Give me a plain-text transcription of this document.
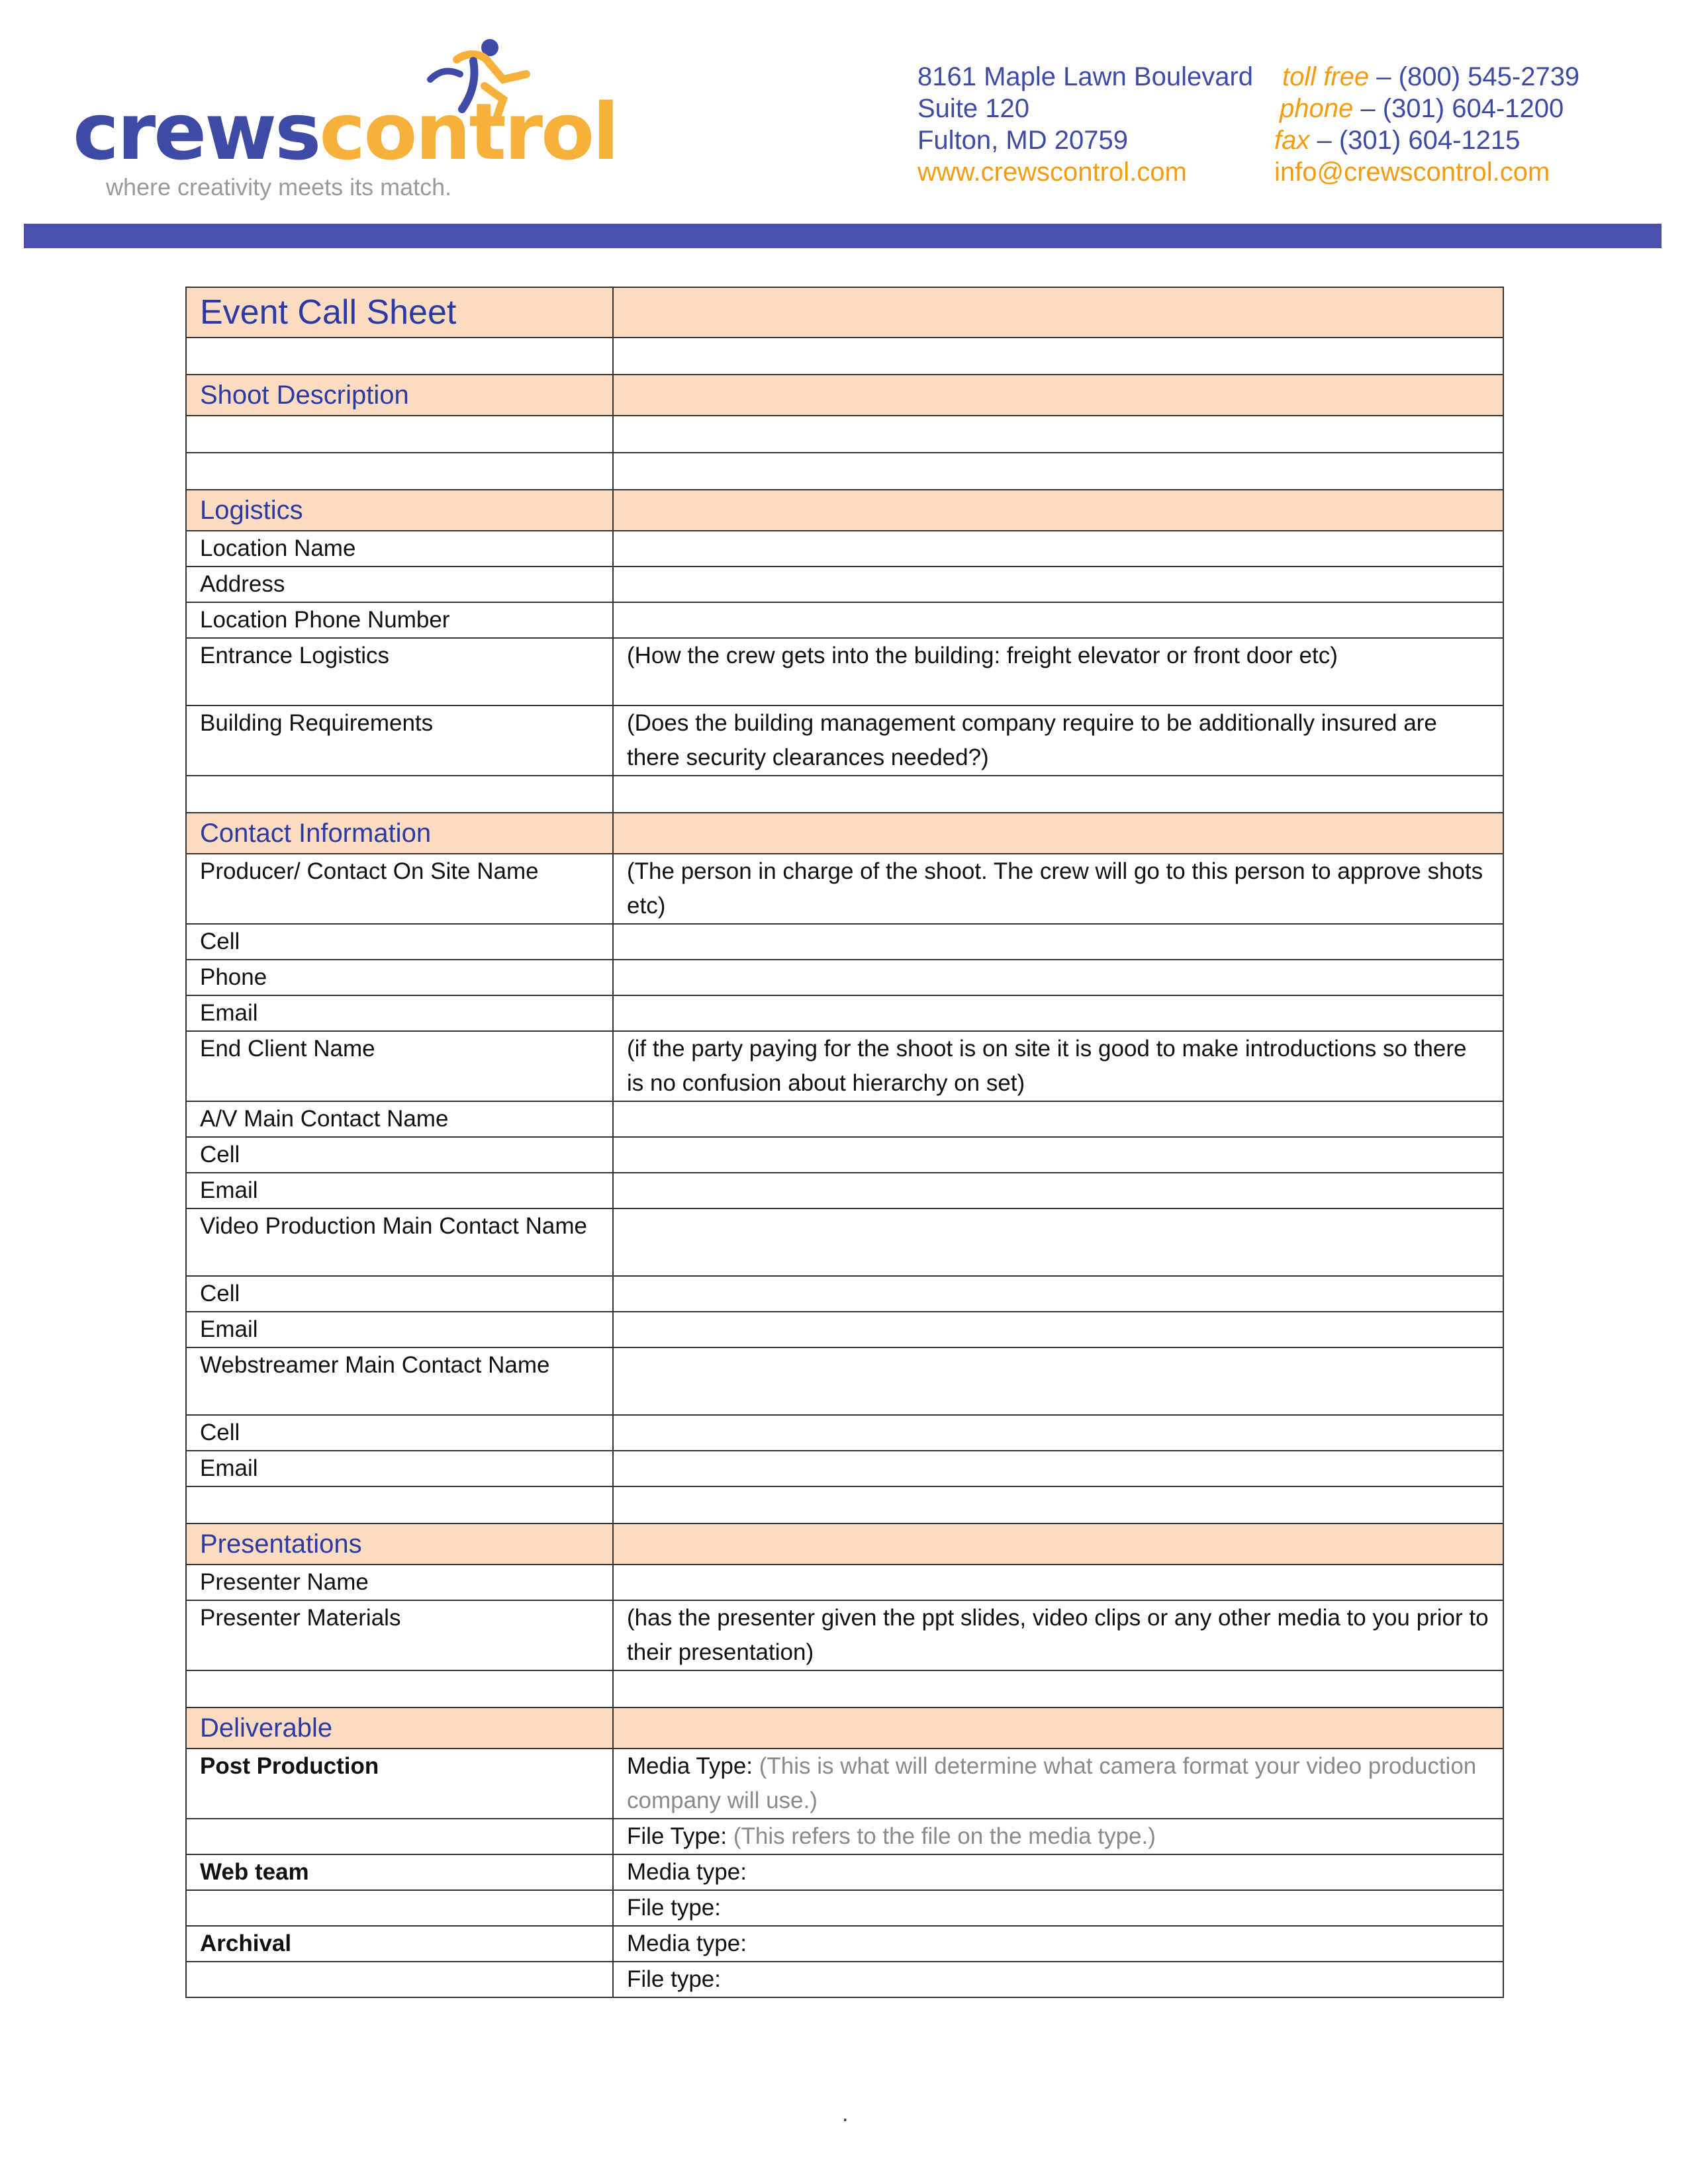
crewscontrol
where creativity meets its match.
8161 Maple Lawn Boulevard
Suite 120
Fulton, MD 20759
www.crewscontrol.com
toll free – (800) 545-2739
phone – (301) 604-1200
fax – (301) 604-1215
info@crewscontrol.com
Event Call Sheet	

Shoot Description	

Logistics	
Location Name	
Address	
Location Phone Number	
Entrance Logistics	(How the crew gets into the building: freight elevator or front door etc)
Building Requirements	(Does the building management company require to be additionally insured are there security clearances needed?)

Contact Information	
Producer/ Contact On Site Name	(The person in charge of the shoot. The crew will go to this person to approve shots etc)
Cell	
Phone	
Email	
End Client Name	(if the party paying for the shoot is on site it is good to make introductions so there is no confusion about hierarchy on set)
A/V Main Contact Name	
Cell	
Email	
Video Production Main Contact Name	
Cell	
Email	
Webstreamer Main Contact Name	
Cell	
Email	

Presentations	
Presenter Name	
Presenter Materials	(has the presenter given the ppt slides, video clips or any other media to you prior to their presentation)

Deliverable	
Post Production	Media Type: (This is what will determine what camera format your video production company will use.)
	File Type: (This refers to the file on the media type.)
Web team	Media type:
	File type:
Archival	Media type:
	File type:
.
